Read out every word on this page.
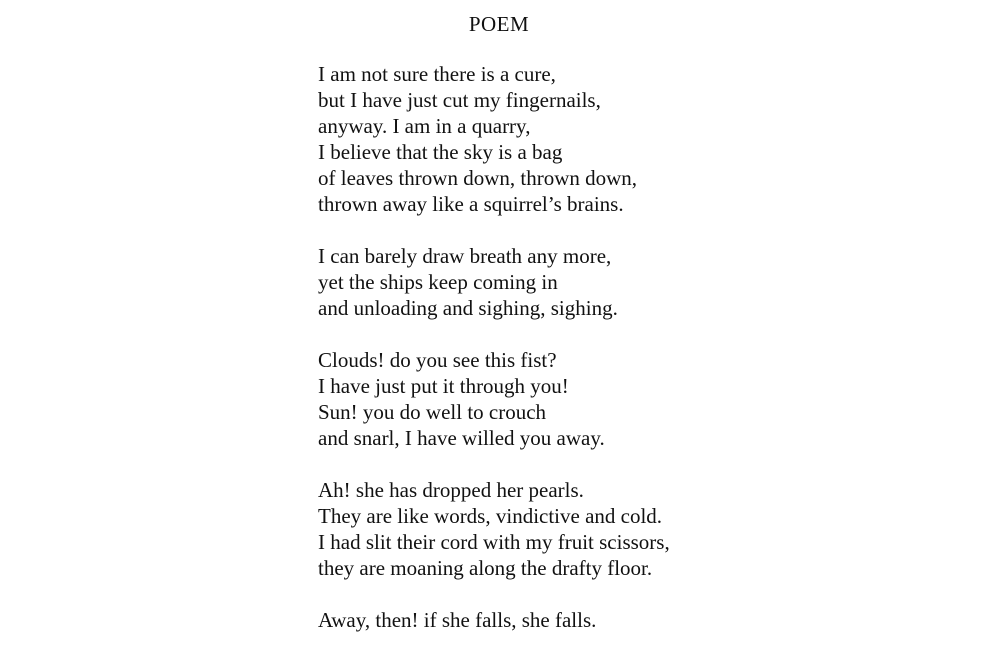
POEM
I am not sure there is a cure,
but I have just cut my fingernails,
anyway. I am in a quarry,
I believe that the sky is a bag
of leaves thrown down, thrown down,
thrown away like a squirrel’s brains.
I can barely draw breath any more,
yet the ships keep coming in
and unloading and sighing, sighing.
Clouds! do you see this fist?
I have just put it through you!
Sun! you do well to crouch
and snarl, I have willed you away.
Ah! she has dropped her pearls.
They are like words, vindictive and cold.
I had slit their cord with my fruit scissors,
they are moaning along the drafty floor.
Away, then! if she falls, she falls.
